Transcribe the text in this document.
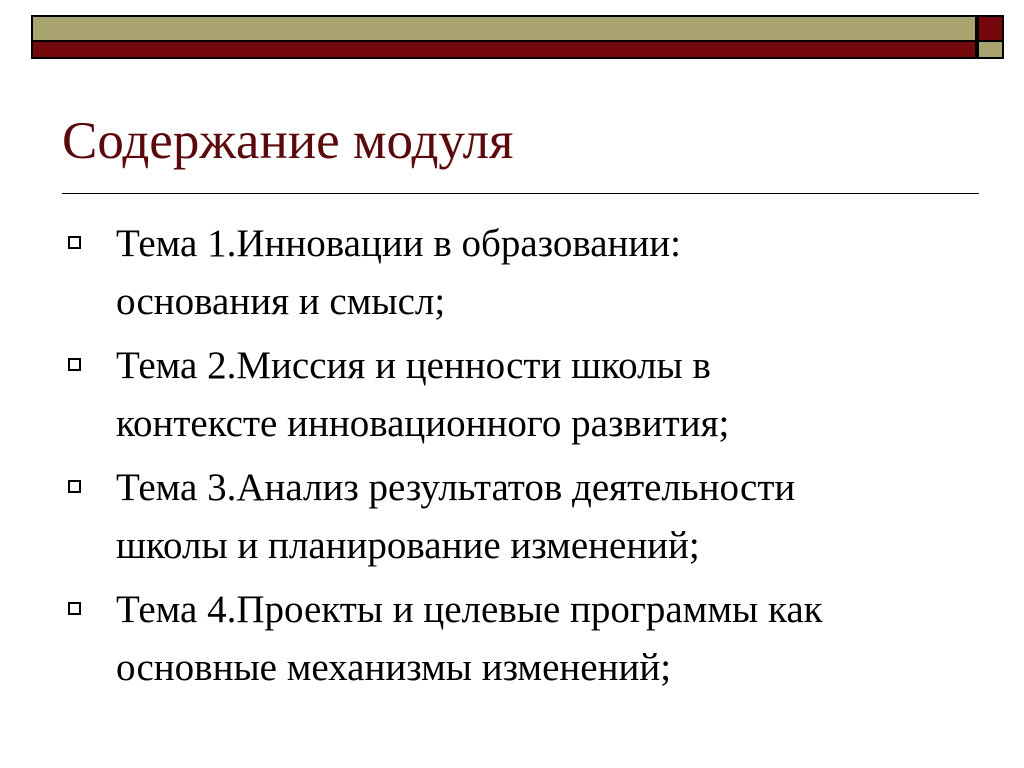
Содержание модуля
Тема 1.Инновации в образовании:
основания и смысл;
Тема 2.Миссия и ценности школы в
контексте инновационного развития;
Тема 3.Анализ результатов деятельности
школы и планирование изменений;
Тема 4.Проекты и целевые программы как
основные механизмы изменений;
